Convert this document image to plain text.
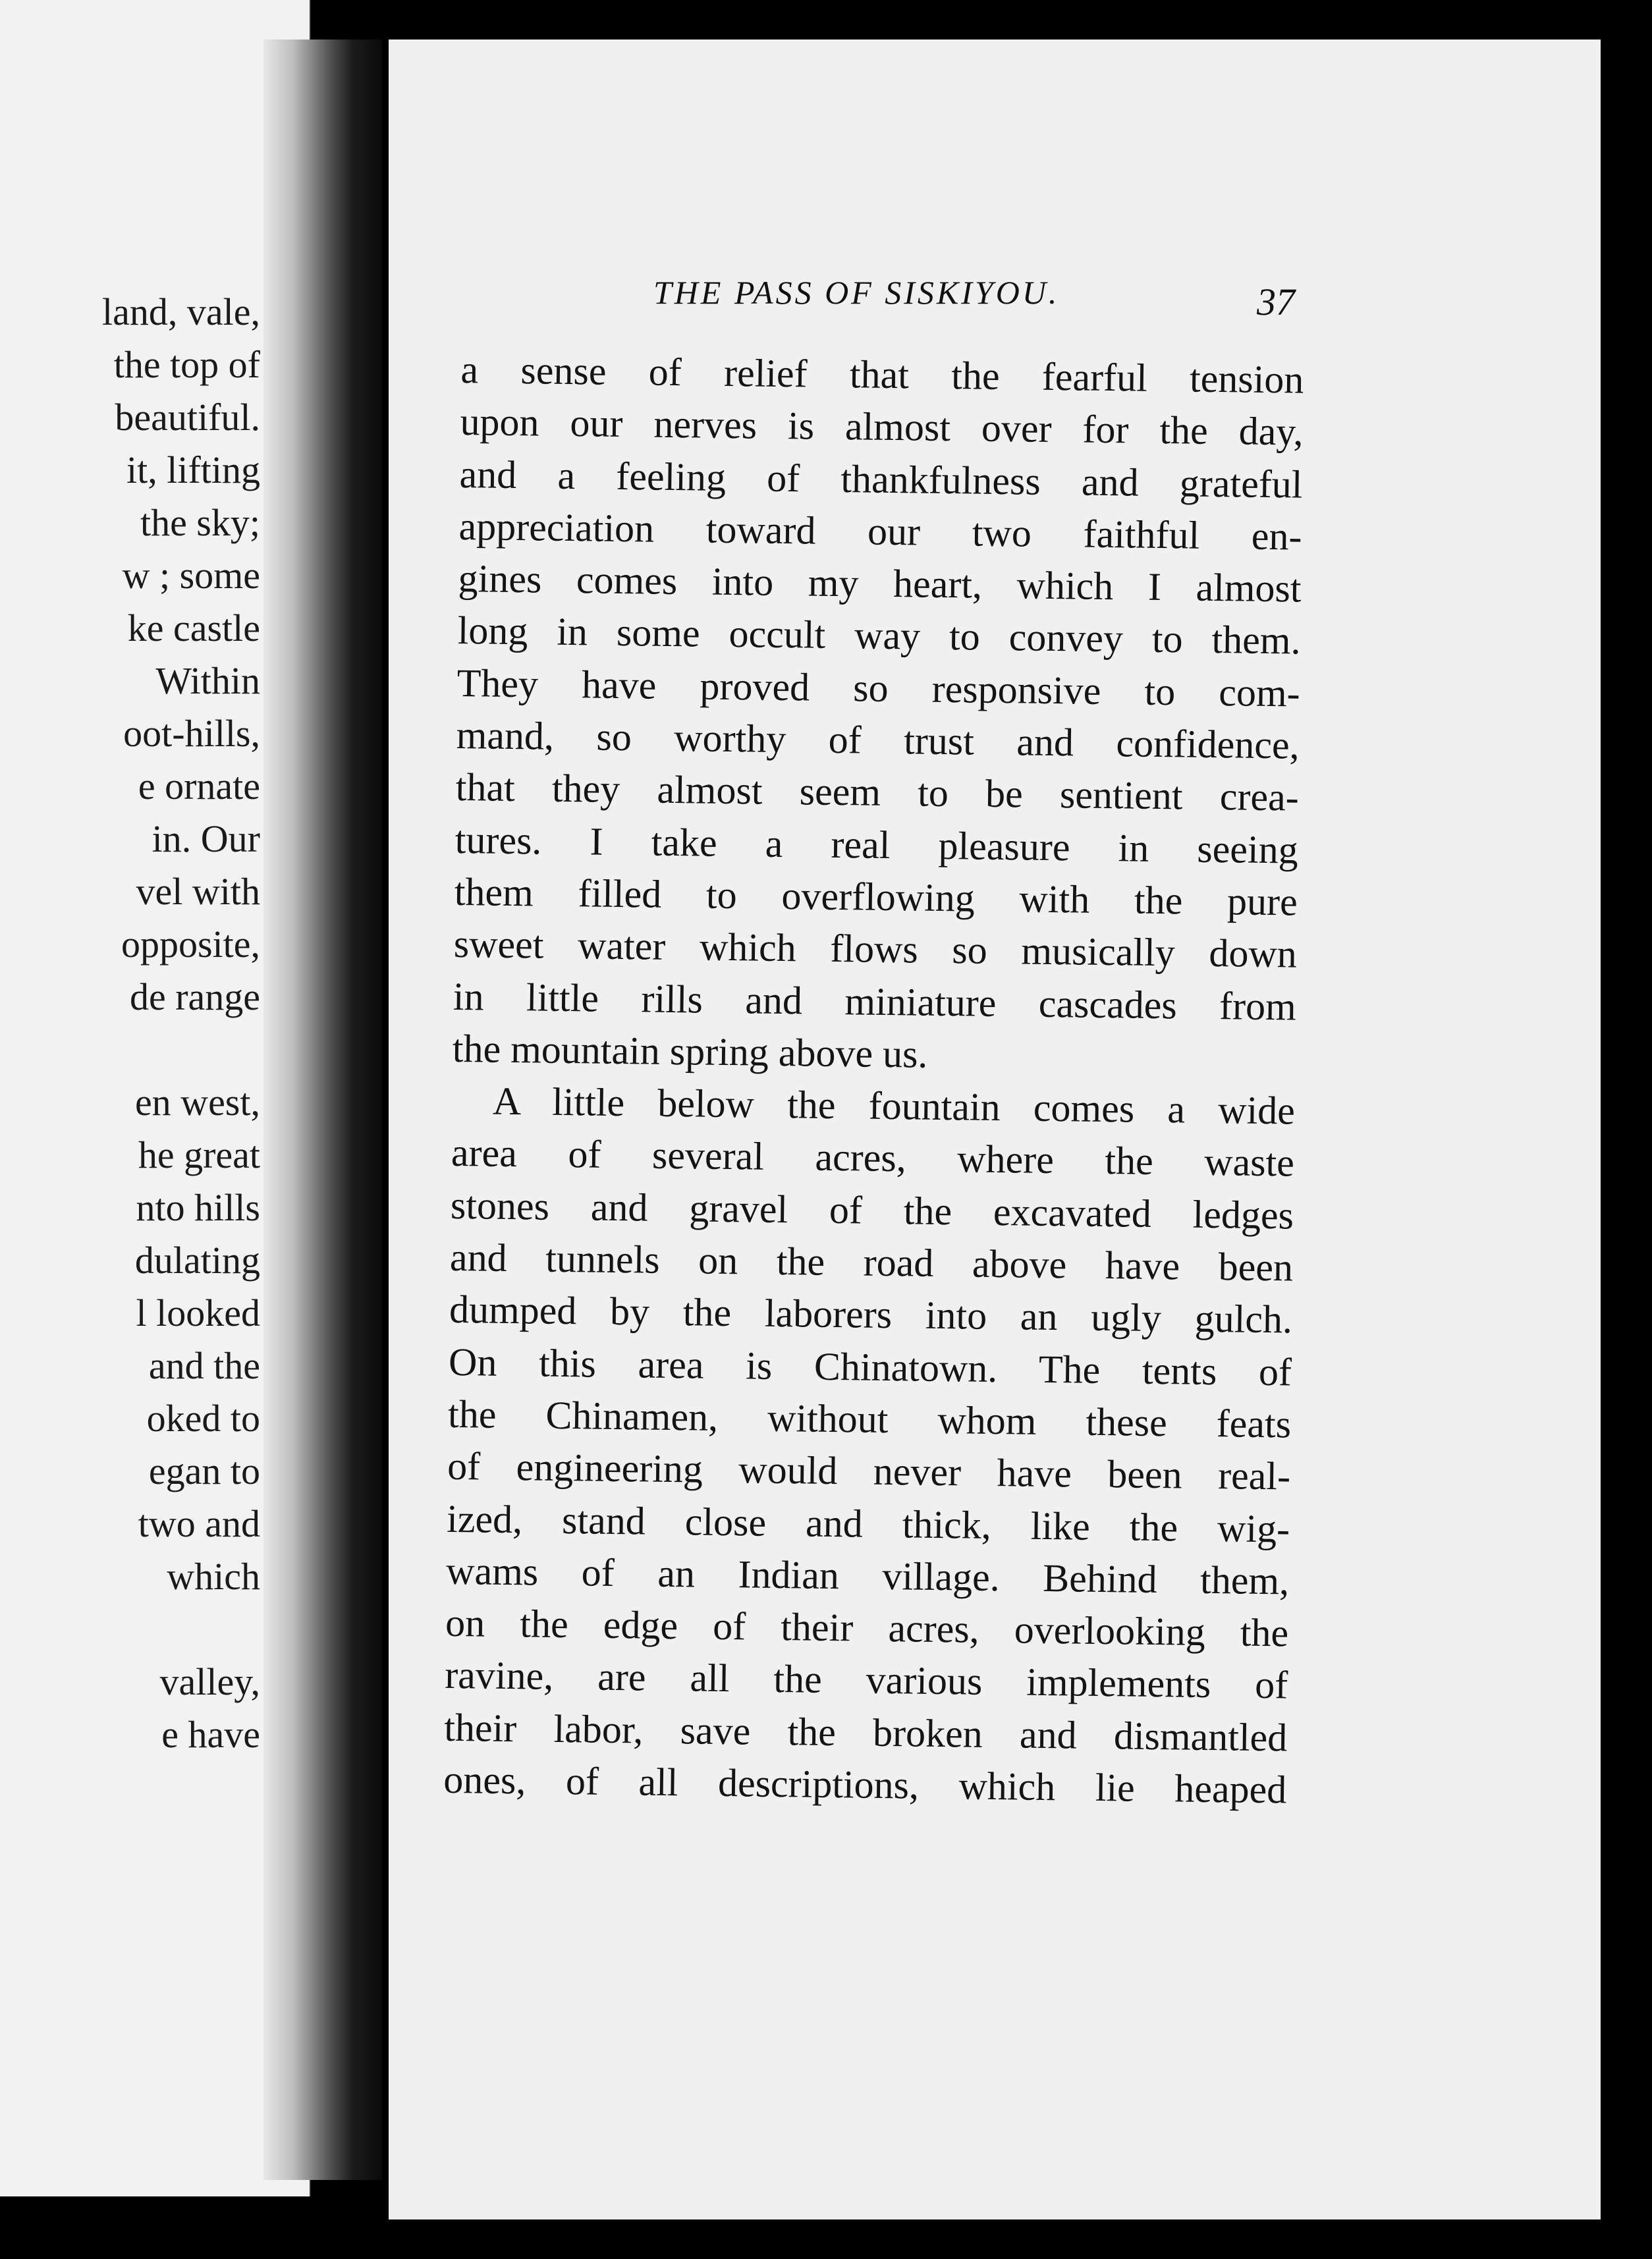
land, vale,
the top of
beautiful.
it, lifting
the sky;
w ; some
ke castle
Within
oot-hills,
e ornate
in. Our
vel with
opposite,
de range
en west,
he great
nto hills
dulating
l looked
and the
oked to
egan to
two and
which
valley,
e have
THE PASS OF SISKIYOU.	37
a sense of relief that the fearful tension
upon our nerves is almost over for the day,
and a feeling of thankfulness and grateful
appreciation toward our two faithful en-
gines comes into my heart, which I almost
long in some occult way to convey to them.
They have proved so responsive to com-
mand, so worthy of trust and confidence,
that they almost seem to be sentient crea-
tures. I take a real pleasure in seeing
them filled to overflowing with the pure
sweet water which flows so musically down
in little rills and miniature cascades from
the mountain spring above us.
A little below the fountain comes a wide
area of several acres, where the waste
stones and gravel of the excavated ledges
and tunnels on the road above have been
dumped by the laborers into an ugly gulch.
On this area is Chinatown. The tents of
the Chinamen, without whom these feats
of engineering would never have been real-
ized, stand close and thick, like the wig-
wams of an Indian village. Behind them,
on the edge of their acres, overlooking the
ravine, are all the various implements of
their labor, save the broken and dismantled
ones, of all descriptions, which lie heaped
